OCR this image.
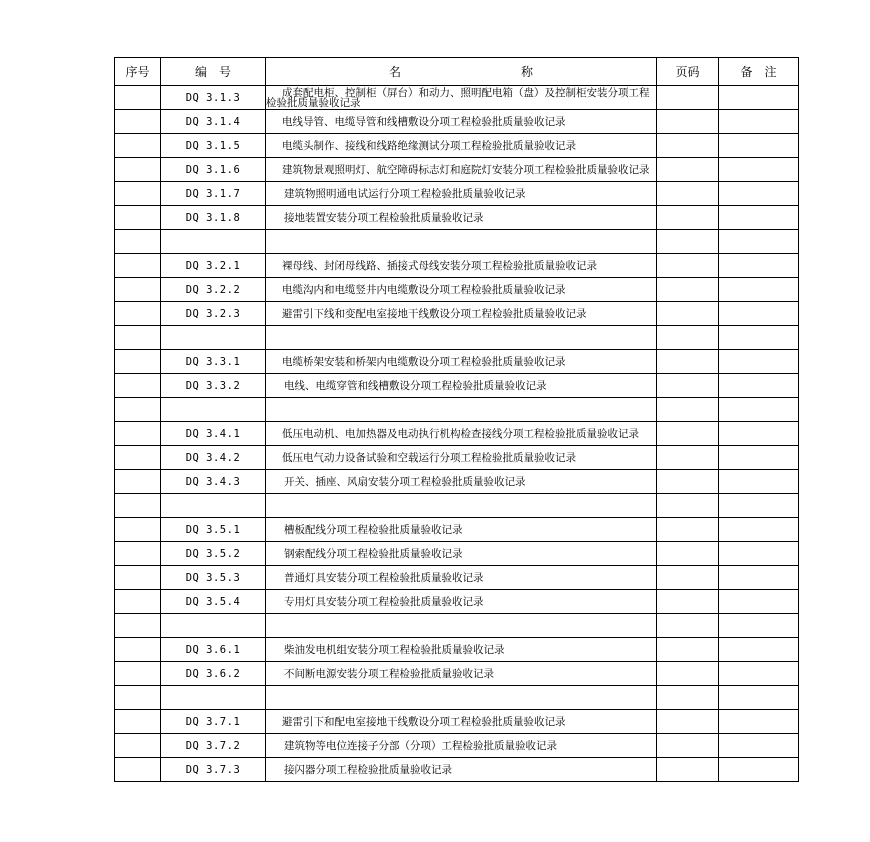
序号	编　号	名　　　　　　　　　　称	页码	备　注
	DQ 3.1.3	成套配电柜、控制柜（屏台）和动力、照明配电箱（盘）及控制柜安装分项工程检验批质量验收记录		

	DQ 3.1.4	电线导管、电缆导管和线槽敷设分项工程检验批质量验收记录		

	DQ 3.1.5	电缆头制作、接线和线路绝缘测试分项工程检验批质量验收记录		

	DQ 3.1.6	建筑物景观照明灯、航空障碍标志灯和庭院灯安装分项工程检验批质量验收记录		

	DQ 3.1.7	建筑物照明通电试运行分项工程检验批质量验收记录		

	DQ 3.1.8	接地装置安装分项工程检验批质量验收记录		

	DQ 3.2.1	裸母线、封闭母线路、插接式母线安装分项工程检验批质量验收记录		

	DQ 3.2.2	电缆沟内和电缆竖井内电缆敷设分项工程检验批质量验收记录		

	DQ 3.2.3	避雷引下线和变配电室接地干线敷设分项工程检验批质量验收记录		

	DQ 3.3.1	电缆桥架安装和桥架内电缆敷设分项工程检验批质量验收记录		

	DQ 3.3.2	电线、电缆穿管和线槽敷设分项工程检验批质量验收记录		

	DQ 3.4.1	低压电动机、电加热器及电动执行机构检查接线分项工程检验批质量验收记录		

	DQ 3.4.2	低压电气动力设备试验和空载运行分项工程检验批质量验收记录		

	DQ 3.4.3	开关、插座、风扇安装分项工程检验批质量验收记录		

	DQ 3.5.1	槽板配线分项工程检验批质量验收记录		

	DQ 3.5.2	钢索配线分项工程检验批质量验收记录		

	DQ 3.5.3	普通灯具安装分项工程检验批质量验收记录		

	DQ 3.5.4	专用灯具安装分项工程检验批质量验收记录		

	DQ 3.6.1	柴油发电机组安装分项工程检验批质量验收记录		

	DQ 3.6.2	不间断电源安装分项工程检验批质量验收记录		

	DQ 3.7.1	避雷引下和配电室接地干线敷设分项工程检验批质量验收记录		

	DQ 3.7.2	建筑物等电位连接子分部（分项）工程检验批质量验收记录		

	DQ 3.7.3	接闪器分项工程检验批质量验收记录		
